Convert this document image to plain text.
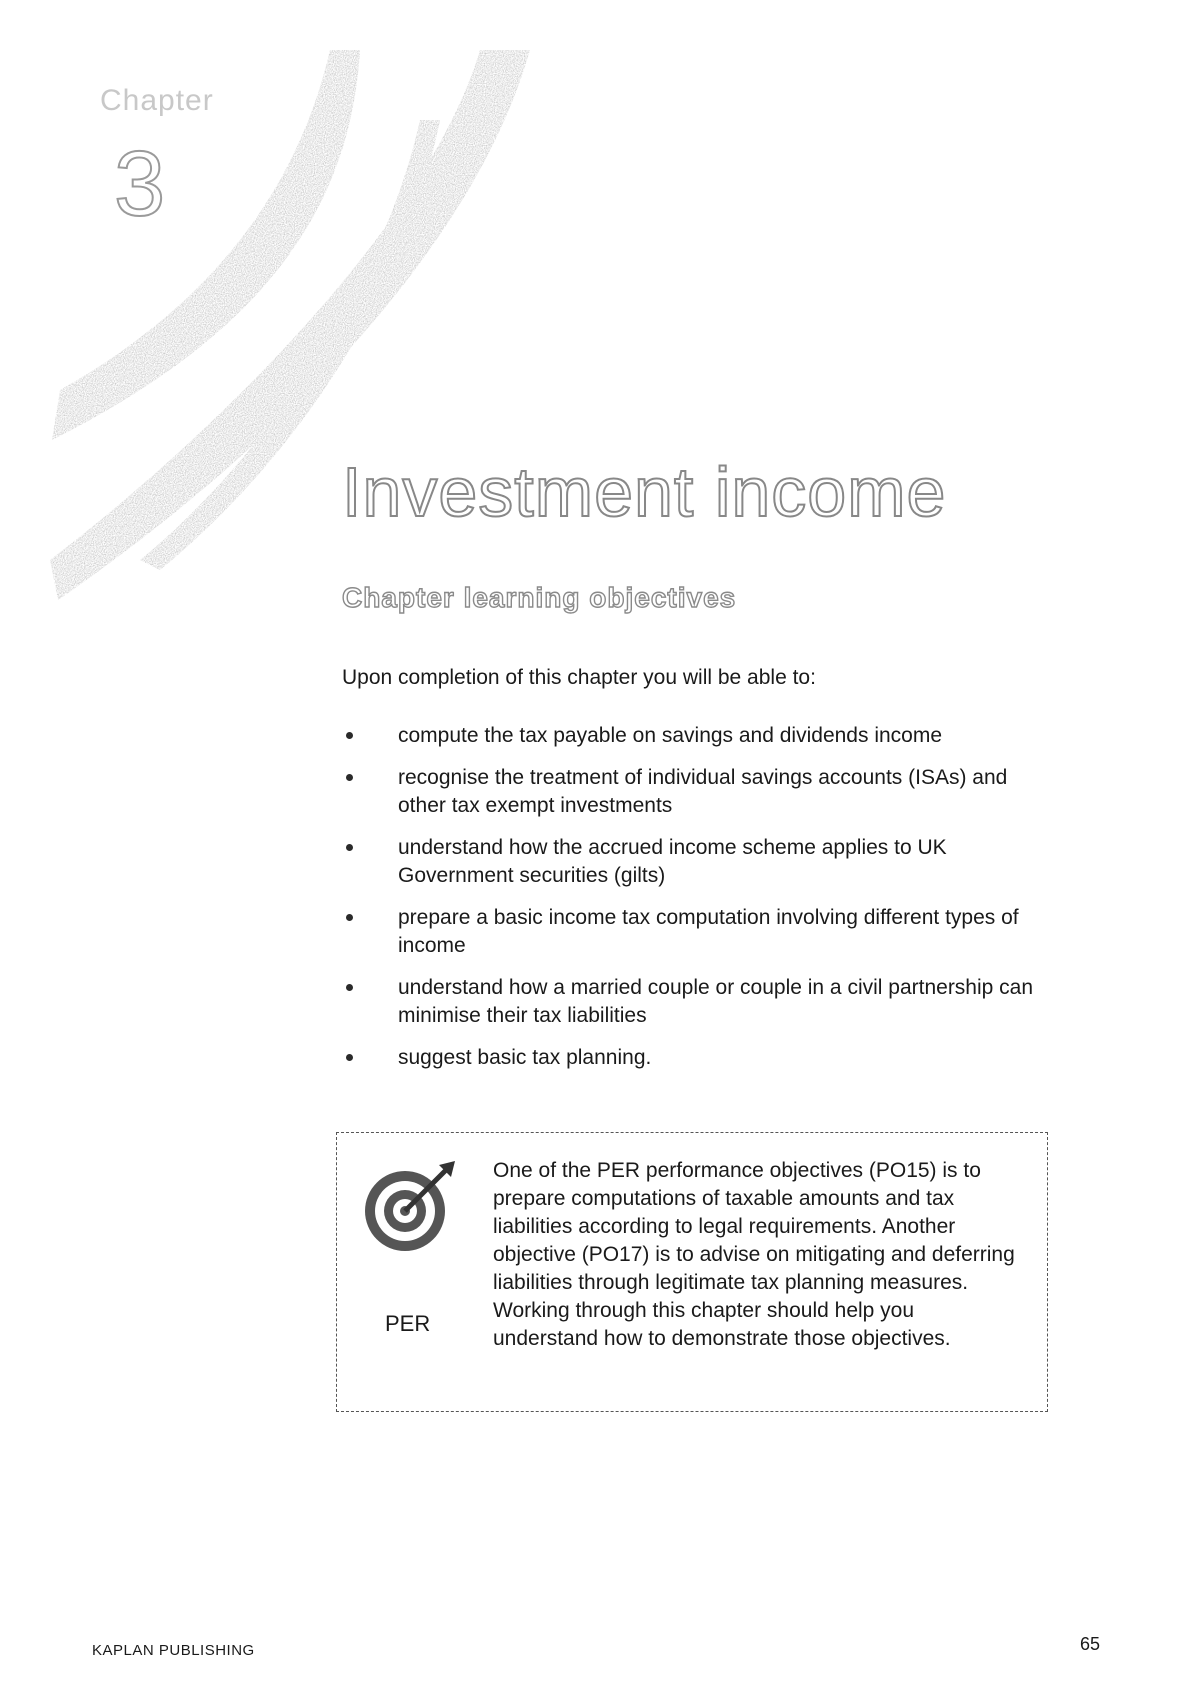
Chapter
3
Investment income
Chapter learning objectives

Upon completion of this chapter you will be able to:

compute the tax payable on savings and dividends income
recognise the treatment of individual savings accounts (ISAs) and other tax exempt investments
understand how the accrued income scheme applies to UK Government securities (gilts)
prepare a basic income tax computation involving different types of income
understand how a married couple or couple in a civil partnership can minimise their tax liabilities
suggest basic tax planning.
PER

One of the PER performance objectives (PO15) is to prepare computations of taxable amounts and tax liabilities according to legal requirements. Another objective (PO17) is to advise on mitigating and deferring liabilities through legitimate tax planning measures. Working through this chapter should help you understand how to demonstrate those objectives.

KAPLAN PUBLISHING	65
